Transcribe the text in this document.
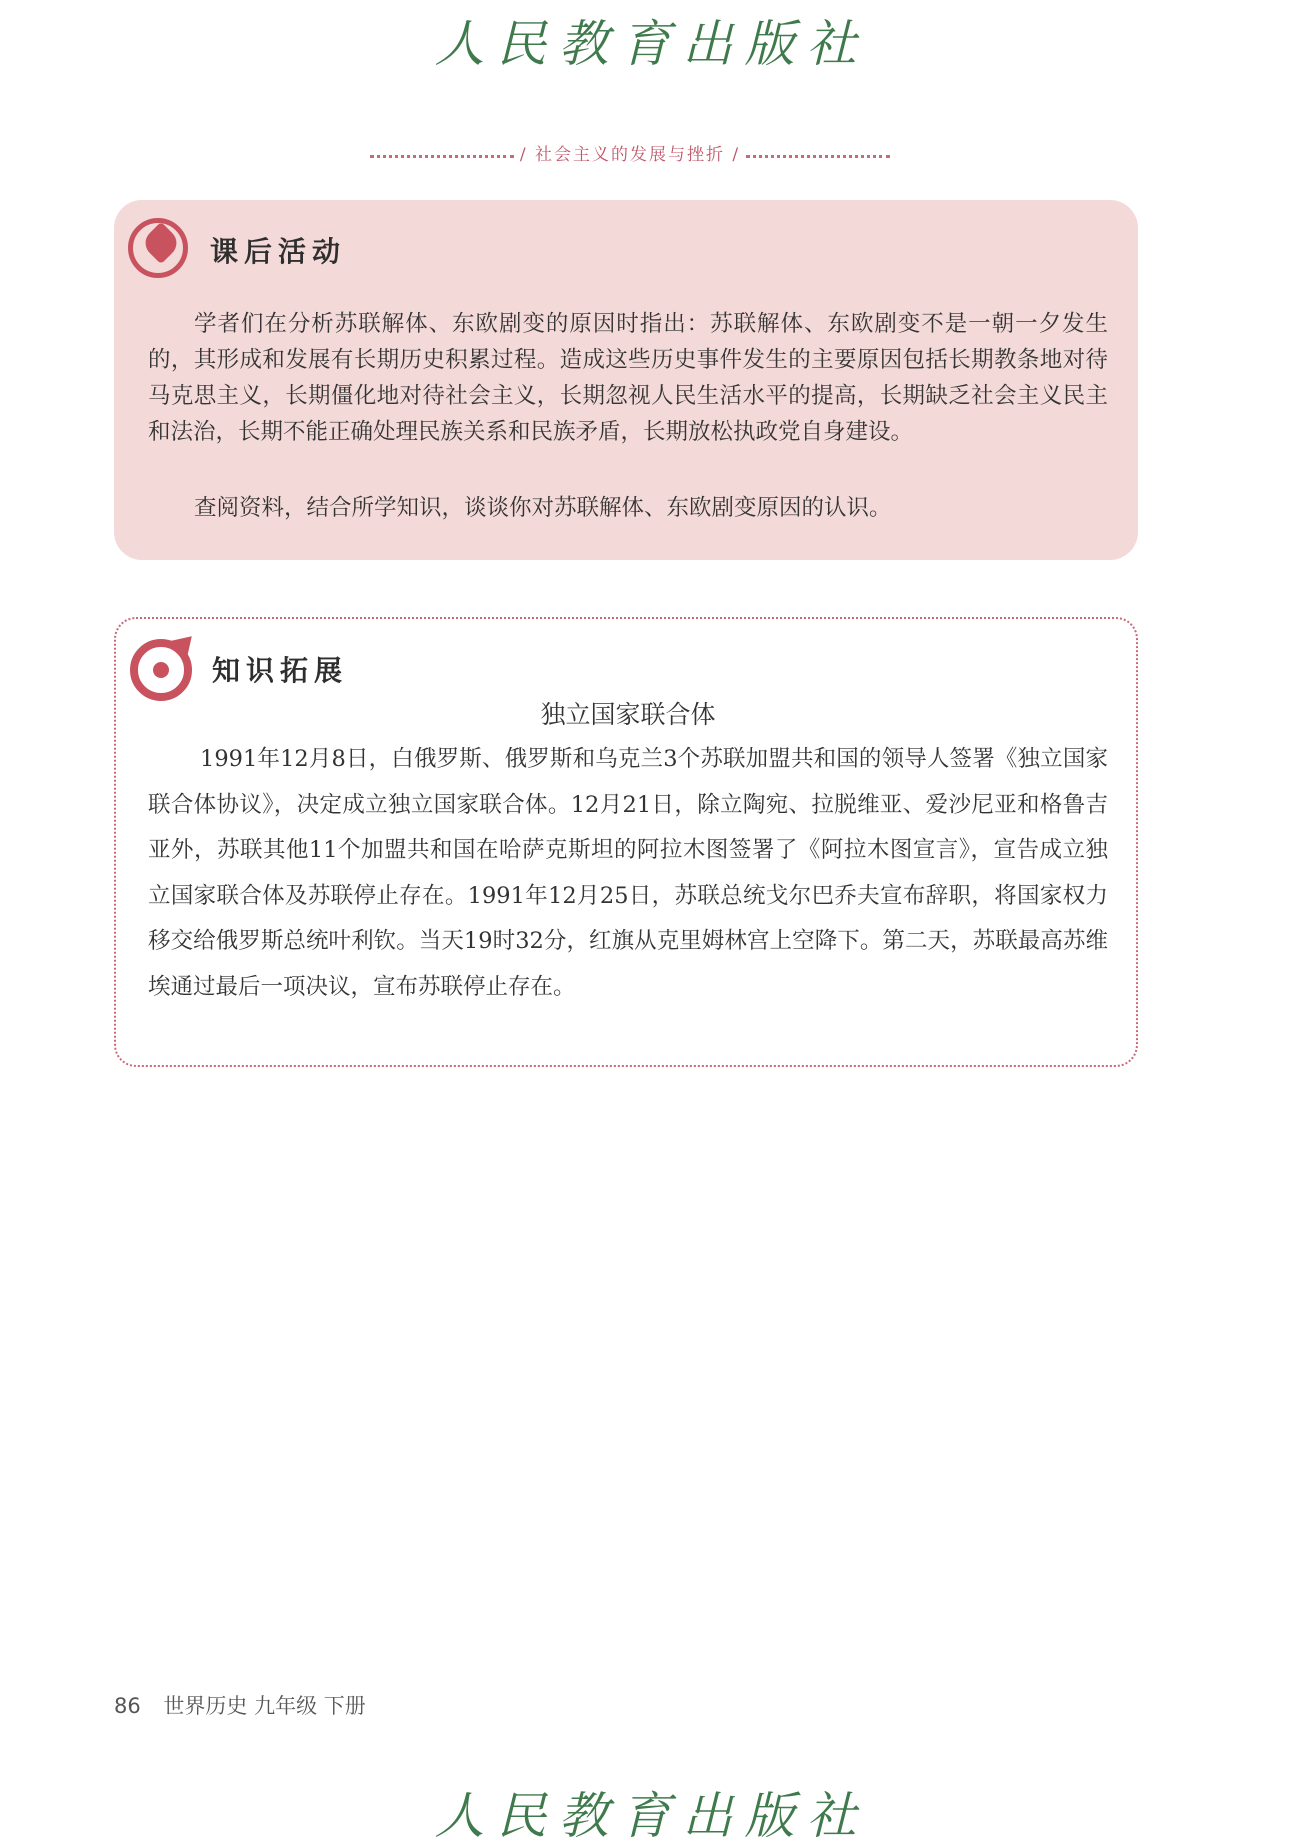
人民教育出版社
/ 社会主义的发展与挫折 /
课后活动

学者们在分析苏联解体、东欧剧变的原因时指出：苏联解体、东欧剧变不是一朝一夕发生的，其形成和发展有长期历史积累过程。造成这些历史事件发生的主要原因包括长期教条地对待马克思主义，长期僵化地对待社会主义，长期忽视人民生活水平的提高，长期缺乏社会主义民主和法治，长期不能正确处理民族关系和民族矛盾，长期放松执政党自身建设。

查阅资料，结合所学知识，谈谈你对苏联解体、东欧剧变原因的认识。

知识拓展
独立国家联合体

1991年12月8日，白俄罗斯、俄罗斯和乌克兰3个苏联加盟共和国的领导人签署《独立国家联合体协议》，决定成立独立国家联合体。12月21日，除立陶宛、拉脱维亚、爱沙尼亚和格鲁吉亚外，苏联其他11个加盟共和国在哈萨克斯坦的阿拉木图签署了《阿拉木图宣言》，宣告成立独立国家联合体及苏联停止存在。1991年12月25日，苏联总统戈尔巴乔夫宣布辞职，将国家权力移交给俄罗斯总统叶利钦。当天19时32分，红旗从克里姆林宫上空降下。第二天，苏联最高苏维埃通过最后一项决议，宣布苏联停止存在。

86 世界历史 九年级 下册
人民教育出版社
